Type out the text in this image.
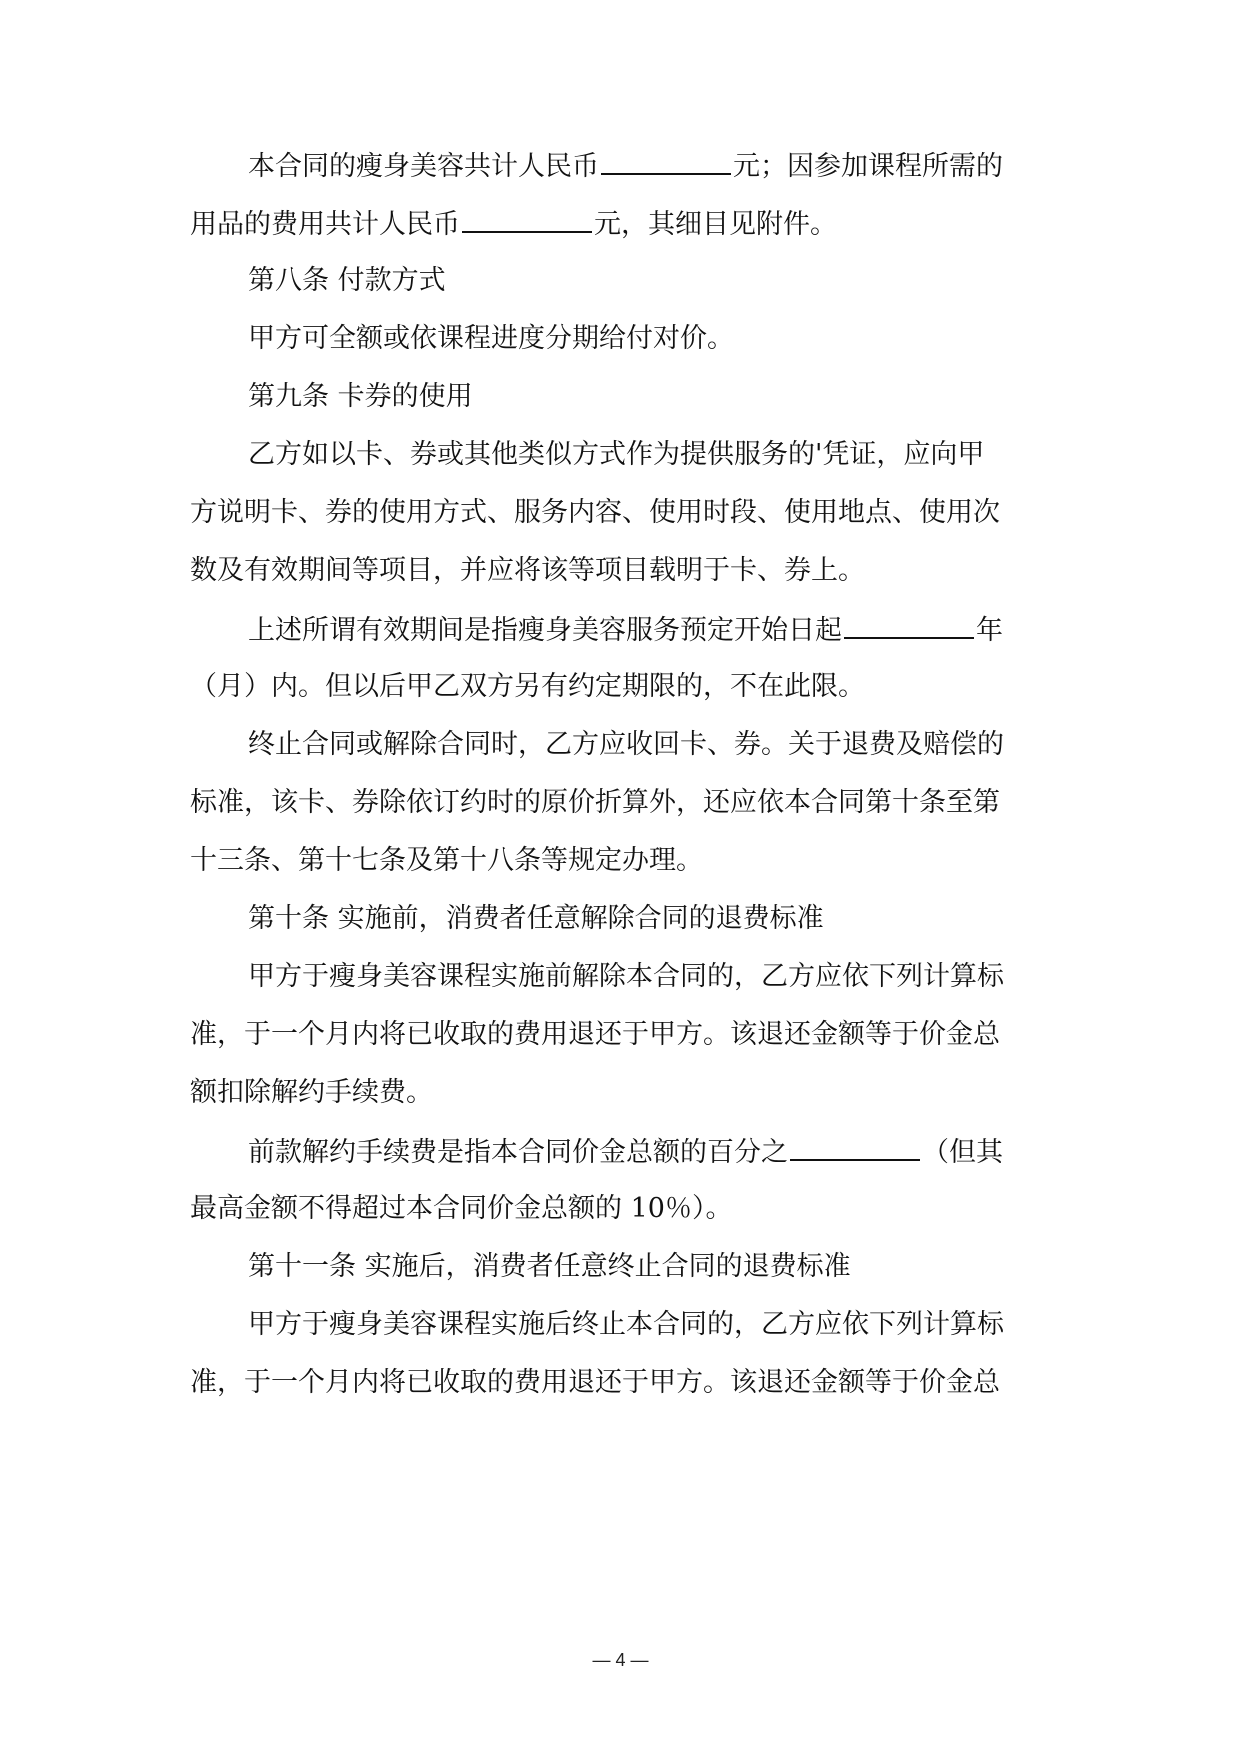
本合同的瘦身美容共计人民币	元；因参加课程所需的
用品的费用共计人民币	元，其细目见附件。
第八条 付款方式
甲方可全额或依课程进度分期给付对价。
第九条 卡券的使用
乙方如以卡、券或其他类似方式作为提供服务的'凭证，应向甲
方说明卡、券的使用方式、服务内容、使用时段、使用地点、使用次
数及有效期间等项目，并应将该等项目载明于卡、券上。
上述所谓有效期间是指瘦身美容服务预定开始日起	年
（月）内。但以后甲乙双方另有约定期限的，不在此限。
终止合同或解除合同时，乙方应收回卡、券。关于退费及赔偿的
标准，该卡、券除依订约时的原价折算外，还应依本合同第十条至第
十三条、第十七条及第十八条等规定办理。
第十条 实施前，消费者任意解除合同的退费标准
甲方于瘦身美容课程实施前解除本合同的，乙方应依下列计算标
准，于一个月内将已收取的费用退还于甲方。该退还金额等于价金总
额扣除解约手续费。
前款解约手续费是指本合同价金总额的百分之	（但其
最高金额不得超过本合同价金总额的 10％）。
第十一条 实施后，消费者任意终止合同的退费标准
甲方于瘦身美容课程实施后终止本合同的，乙方应依下列计算标
准，于一个月内将已收取的费用退还于甲方。该退还金额等于价金总
— 4 —
